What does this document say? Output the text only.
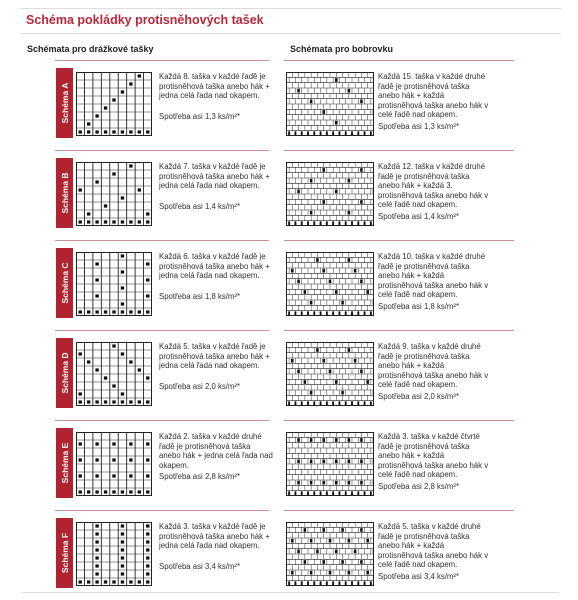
Schéma pokládky protisněhových tašek
Schémata pro drážkové tašky	Schémata pro bobrovku
Schéma A
Každá 8. taška v každé řadě je protisněhová taška anebo hák + jedna celá řada nad okapem.
Spotřeba asi 1,3 ks/m²*
Každá 15. taška v každé druhé řadě je protisněhová taška anebo hák + každá protisněhová taška anebo hák v celé řadě nad okapem.
Spotřeba asi 1,3 ks/m²*
Schéma B
Každá 7. taška v každé řadě je protisněhová taška anebo hák + jedna celá řada nad okapem.
Spotřeba asi 1,4 ks/m²*
Každá 12. taška v každé druhé řadě je protisněhová taška anebo hák + každá 3. protisněhová taška anebo hák v celé řadě nad okapem.
Spotřeba asi 1,4 ks/m²*
Schéma C
Každá 6. taška v každé řadě je protisněhová taška anebo hák + jedna celá řada nad okapem.
Spotřeba asi 1,8 ks/m²*
Každá 10. taška v každé druhé řadě je protisněhová taška anebo hák + každá protisněhová taška anebo hák v celé řadě nad okapem.
Spotřeba asi 1,8 ks/m²*
Schéma D
Každá 5. taška v každé řadě je protisněhová taška anebo hák + jedna celá řada nad okapem.
Spotřeba asi 2,0 ks/m²*
Každá 9. taška v každé druhé řadě je protisněhová taška anebo hák + každá protisněhová taška anebo hák v celé řadě nad okapem.
Spotřeba asi 2,0 ks/m²*
Schéma E
Každá 2. taška v každé druhé řadě je protisněhová taška anebo hák + jedna celá řada nad okapem.
Spotřeba asi 2,8 ks/m²*
Každá 3. taška v každé čtvrté řadě je protisněhová taška anebo hák + každá protisněhová taška anebo hák v celé řadě nad okapem.
Spotřeba asi 2,8 ks/m²*
Schéma F
Každá 3. taška v každé řadě je protisněhová taška anebo hák + jedna celá řada nad okapem.
Spotřeba asi 3,4 ks/m²*
Každá 5. taška v každé druhé řadě je protisněhová taška anebo hák + každá protisněhová taška anebo hák v celé řadě nad okapem.
Spotřeba asi 3,4 ks/m²*
